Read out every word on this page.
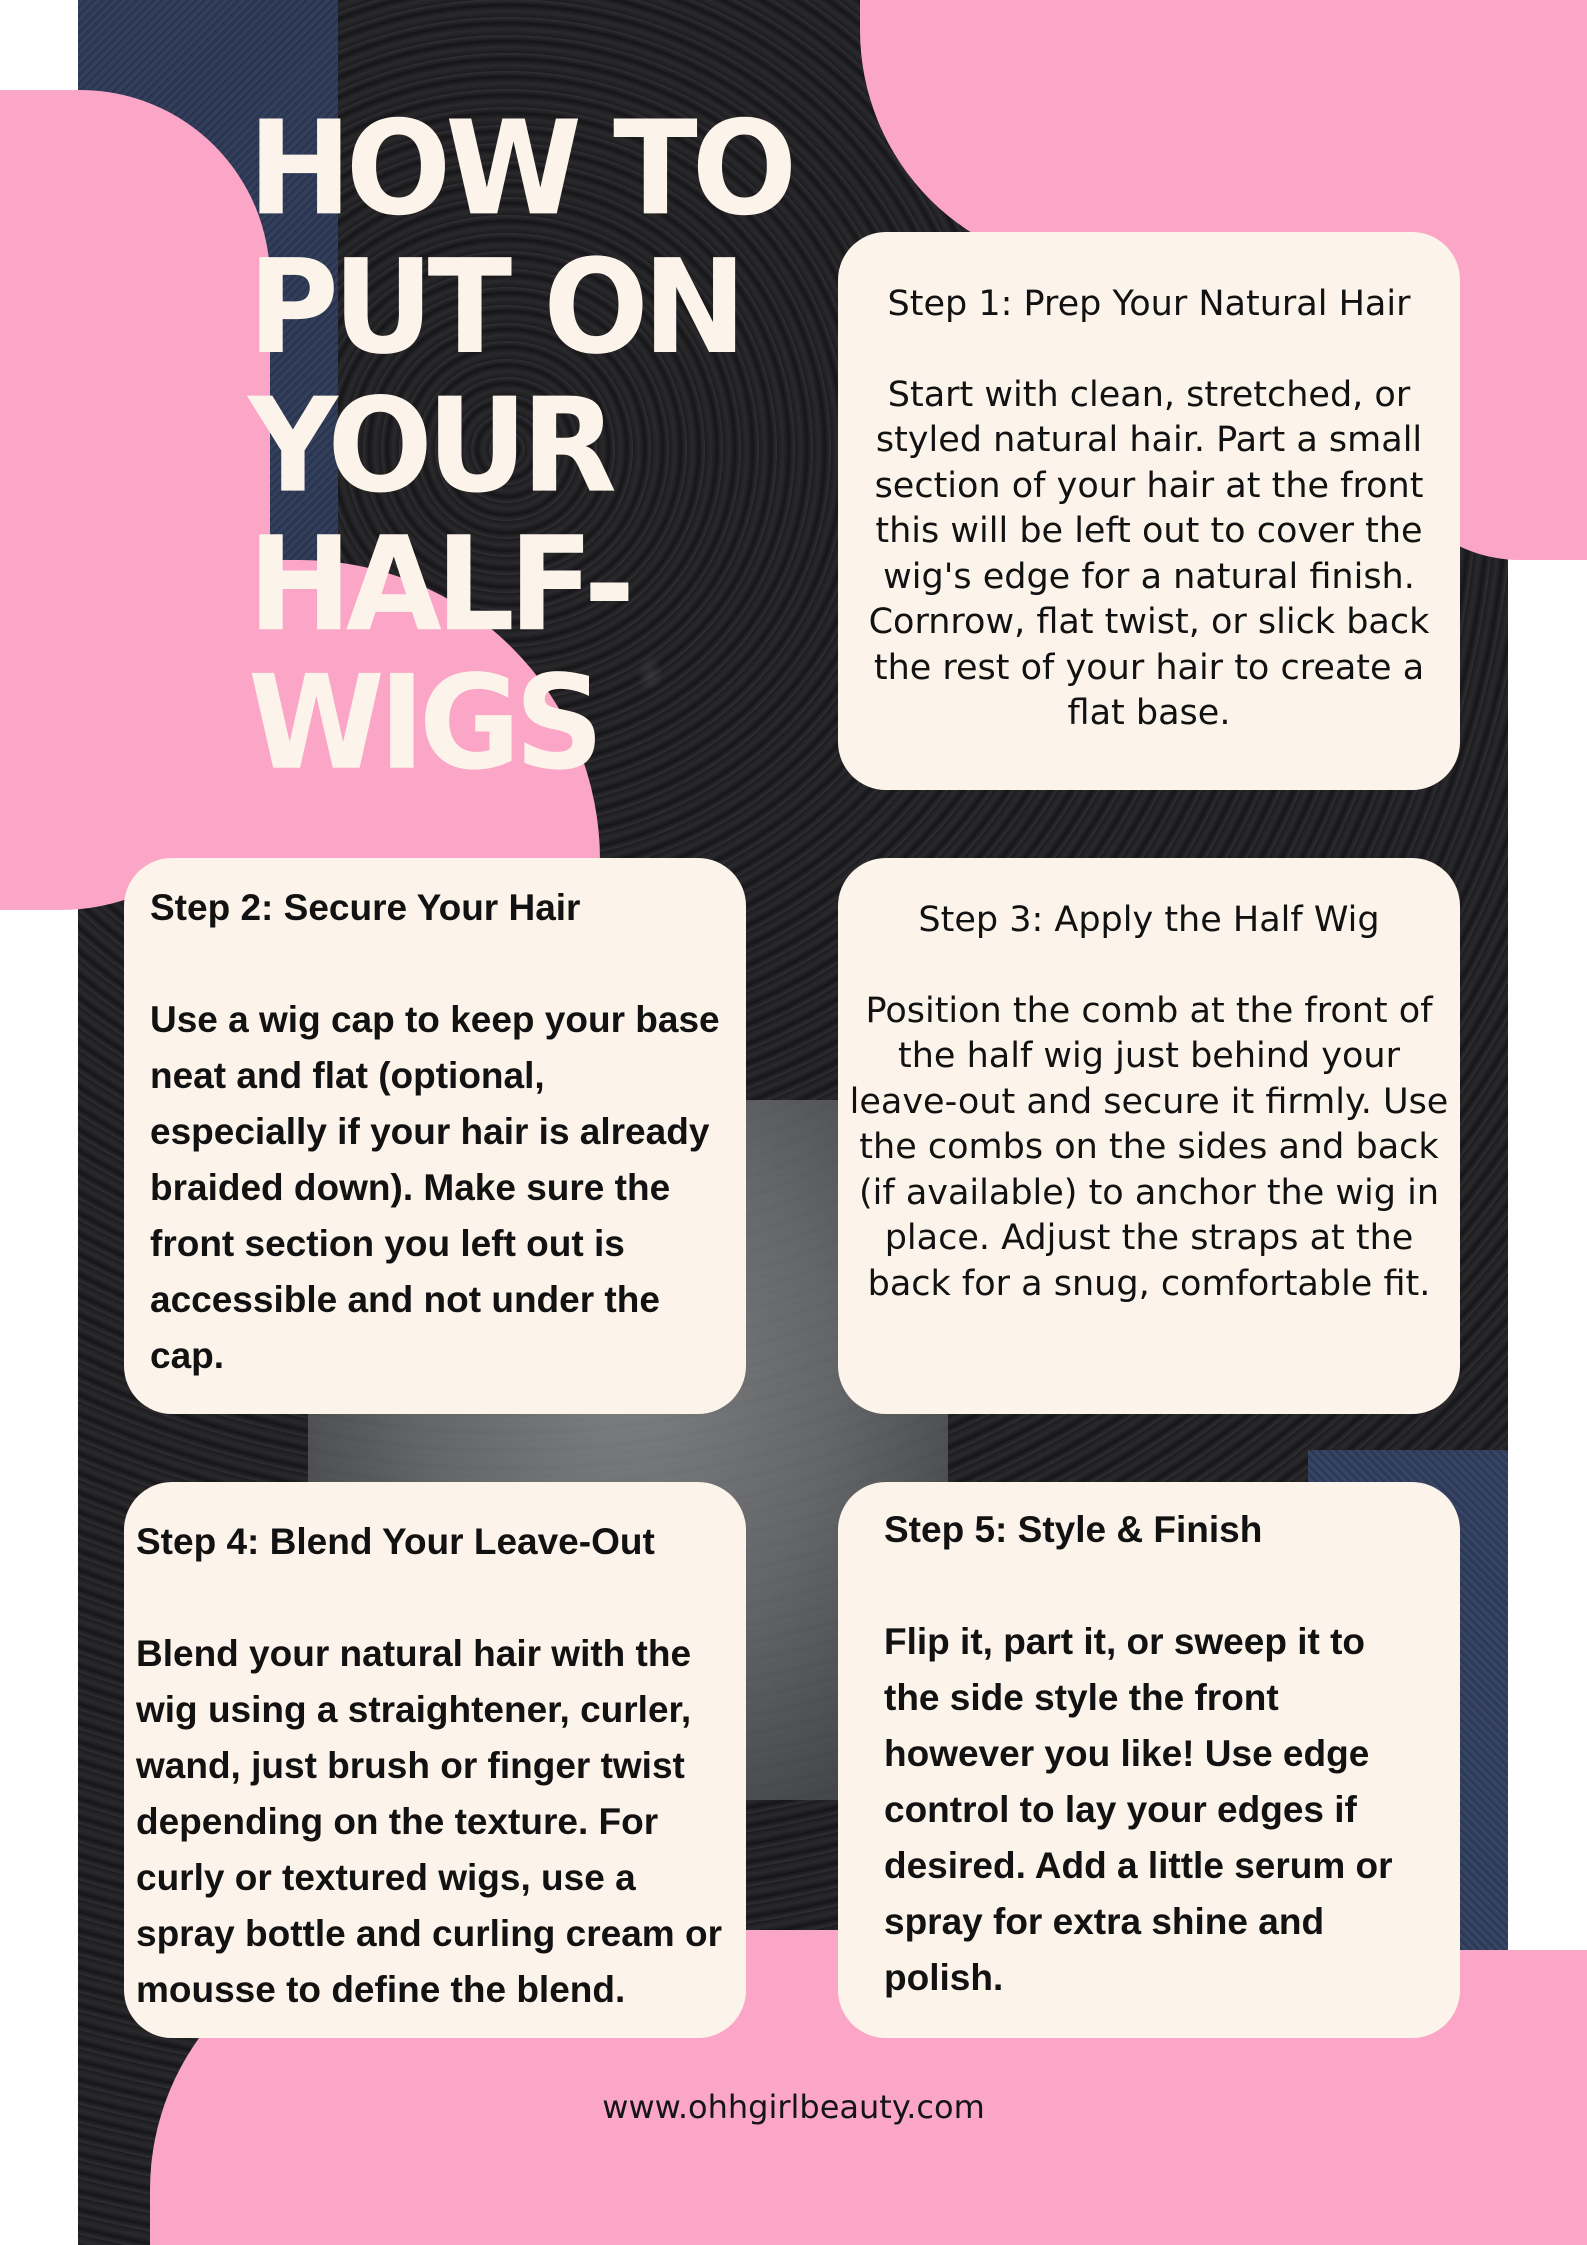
HOW TO PUT ON YOUR HALF-WIGS
Step 1: Prep Your Natural Hair
Start with clean, stretched, or styled natural hair. Part a small section of your hair at the front this will be left out to cover the wig's edge for a natural finish. Cornrow, flat twist, or slick back the rest of your hair to create a flat base.
Step 2: Secure Your Hair
Use a wig cap to keep your base neat and flat (optional, especially if your hair is already braided down). Make sure the front section you left out is accessible and not under the cap.
Step 3: Apply the Half Wig
Position the comb at the front of the half wig just behind your leave-out and secure it firmly. Use the combs on the sides and back (if available) to anchor the wig in place. Adjust the straps at the back for a snug, comfortable fit.
Step 4: Blend Your Leave-Out
Blend your natural hair with the wig using a straightener, curler, wand, just brush or finger twist depending on the texture. For curly or textured wigs, use a spray bottle and curling cream or mousse to define the blend.
Step 5: Style & Finish
Flip it, part it, or sweep it to the side style the front however you like! Use edge control to lay your edges if desired. Add a little serum or spray for extra shine and polish.
www.ohhgirlbeauty.com
